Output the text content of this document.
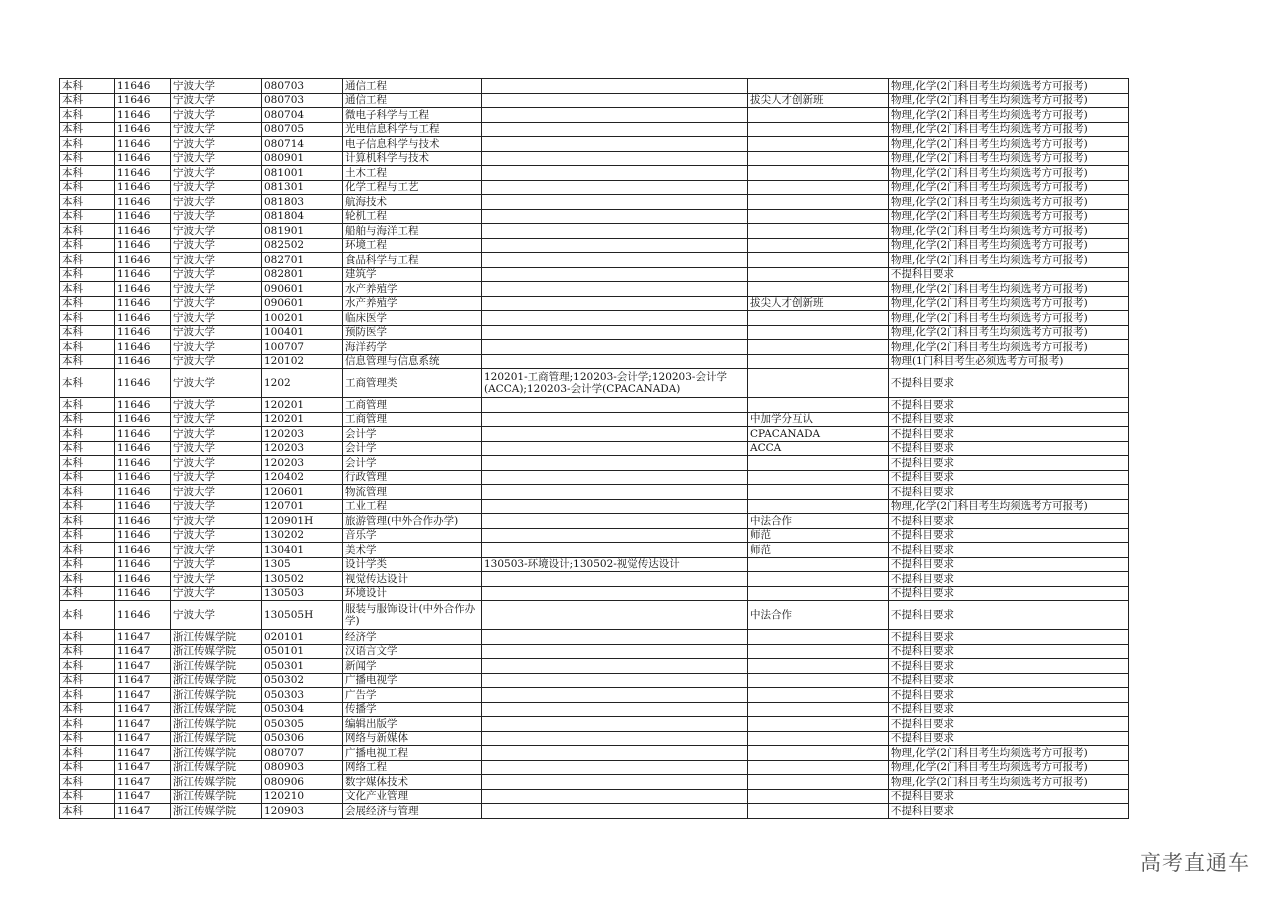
本科	11646	宁波大学	080703	通信工程			物理,化学(2门科目考生均须选考方可报考)
本科	11646	宁波大学	080703	通信工程		拔尖人才创新班	物理,化学(2门科目考生均须选考方可报考)
本科	11646	宁波大学	080704	微电子科学与工程			物理,化学(2门科目考生均须选考方可报考)
本科	11646	宁波大学	080705	光电信息科学与工程			物理,化学(2门科目考生均须选考方可报考)
本科	11646	宁波大学	080714	电子信息科学与技术			物理,化学(2门科目考生均须选考方可报考)
本科	11646	宁波大学	080901	计算机科学与技术			物理,化学(2门科目考生均须选考方可报考)
本科	11646	宁波大学	081001	土木工程			物理,化学(2门科目考生均须选考方可报考)
本科	11646	宁波大学	081301	化学工程与工艺			物理,化学(2门科目考生均须选考方可报考)
本科	11646	宁波大学	081803	航海技术			物理,化学(2门科目考生均须选考方可报考)
本科	11646	宁波大学	081804	轮机工程			物理,化学(2门科目考生均须选考方可报考)
本科	11646	宁波大学	081901	船舶与海洋工程			物理,化学(2门科目考生均须选考方可报考)
本科	11646	宁波大学	082502	环境工程			物理,化学(2门科目考生均须选考方可报考)
本科	11646	宁波大学	082701	食品科学与工程			物理,化学(2门科目考生均须选考方可报考)
本科	11646	宁波大学	082801	建筑学			不提科目要求
本科	11646	宁波大学	090601	水产养殖学			物理,化学(2门科目考生均须选考方可报考)
本科	11646	宁波大学	090601	水产养殖学		拔尖人才创新班	物理,化学(2门科目考生均须选考方可报考)
本科	11646	宁波大学	100201	临床医学			物理,化学(2门科目考生均须选考方可报考)
本科	11646	宁波大学	100401	预防医学			物理,化学(2门科目考生均须选考方可报考)
本科	11646	宁波大学	100707	海洋药学			物理,化学(2门科目考生均须选考方可报考)
本科	11646	宁波大学	120102	信息管理与信息系统			物理(1门科目考生必须选考方可报考)
本科	11646	宁波大学	1202	工商管理类	120201-工商管理;120203-会计学;120203-会计学(ACCA);120203-会计学(CPACANADA)		不提科目要求
本科	11646	宁波大学	120201	工商管理			不提科目要求
本科	11646	宁波大学	120201	工商管理		中加学分互认	不提科目要求
本科	11646	宁波大学	120203	会计学		CPACANADA	不提科目要求
本科	11646	宁波大学	120203	会计学		ACCA	不提科目要求
本科	11646	宁波大学	120203	会计学			不提科目要求
本科	11646	宁波大学	120402	行政管理			不提科目要求
本科	11646	宁波大学	120601	物流管理			不提科目要求
本科	11646	宁波大学	120701	工业工程			物理,化学(2门科目考生均须选考方可报考)
本科	11646	宁波大学	120901H	旅游管理(中外合作办学)		中法合作	不提科目要求
本科	11646	宁波大学	130202	音乐学		师范	不提科目要求
本科	11646	宁波大学	130401	美术学		师范	不提科目要求
本科	11646	宁波大学	1305	设计学类	130503-环境设计;130502-视觉传达设计		不提科目要求
本科	11646	宁波大学	130502	视觉传达设计			不提科目要求
本科	11646	宁波大学	130503	环境设计			不提科目要求
本科	11646	宁波大学	130505H	服装与服饰设计(中外合作办学)		中法合作	不提科目要求
本科	11647	浙江传媒学院	020101	经济学			不提科目要求
本科	11647	浙江传媒学院	050101	汉语言文学			不提科目要求
本科	11647	浙江传媒学院	050301	新闻学			不提科目要求
本科	11647	浙江传媒学院	050302	广播电视学			不提科目要求
本科	11647	浙江传媒学院	050303	广告学			不提科目要求
本科	11647	浙江传媒学院	050304	传播学			不提科目要求
本科	11647	浙江传媒学院	050305	编辑出版学			不提科目要求
本科	11647	浙江传媒学院	050306	网络与新媒体			不提科目要求
本科	11647	浙江传媒学院	080707	广播电视工程			物理,化学(2门科目考生均须选考方可报考)
本科	11647	浙江传媒学院	080903	网络工程			物理,化学(2门科目考生均须选考方可报考)
本科	11647	浙江传媒学院	080906	数字媒体技术			物理,化学(2门科目考生均须选考方可报考)
本科	11647	浙江传媒学院	120210	文化产业管理			不提科目要求
本科	11647	浙江传媒学院	120903	会展经济与管理			不提科目要求
高考直通车
